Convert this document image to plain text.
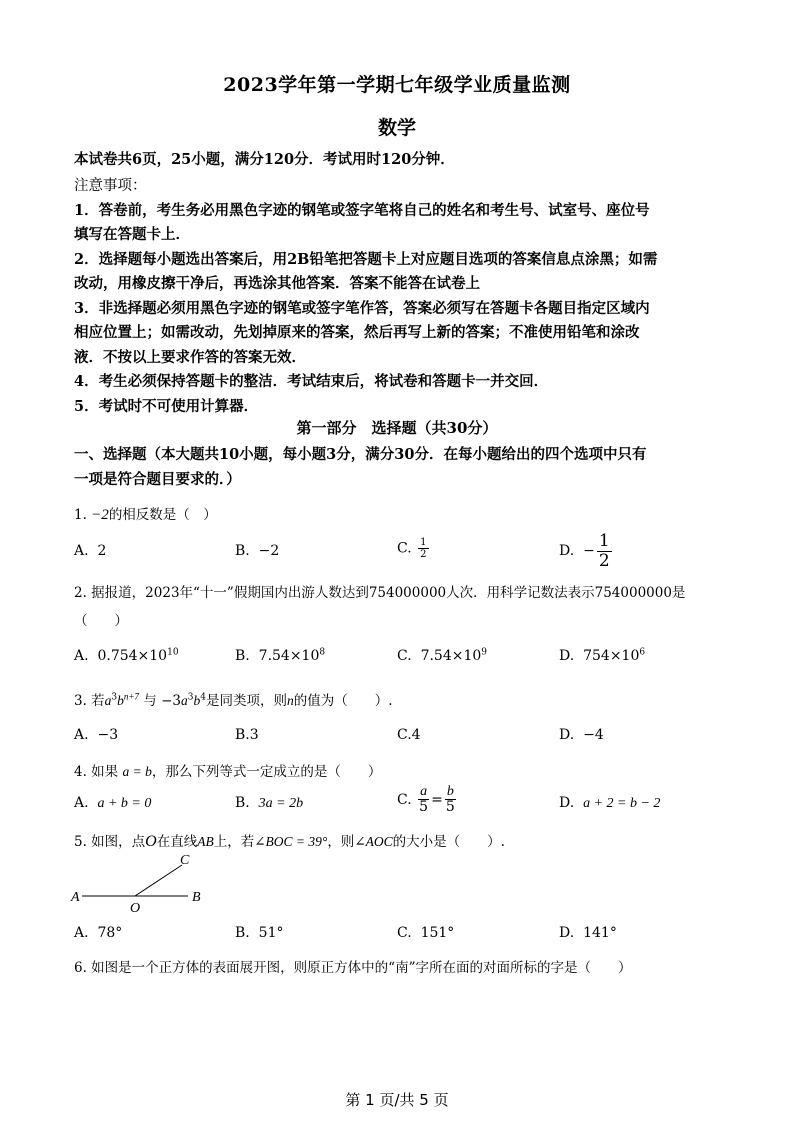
2023学年第一学期七年级学业质量监测
数学
本试卷共6页，25小题，满分120分．考试用时120分钟．
注意事项：
1．答卷前，考生务必用黑色字迹的钢笔或签字笔将自己的姓名和考生号、试室号、座位号
填写在答题卡上．
2．选择题每小题选出答案后，用2B铅笔把答题卡上对应题目选项的答案信息点涂黑；如需
改动，用橡皮擦干净后，再选涂其他答案．答案不能答在试卷上
3．非选择题必须用黑色字迹的钢笔或签字笔作答，答案必须写在答题卡各题目指定区域内
相应位置上；如需改动，先划掉原来的答案，然后再写上新的答案；不准使用铅笔和涂改
液．不按以上要求作答的答案无效．
4．考生必须保持答题卡的整洁．考试结束后，将试卷和答题卡一并交回．
5．考试时不可使用计算器．
第一部分　选择题（共30分）
一、选择题（本大题共10小题，每小题3分，满分30分．在每小题给出的四个选项中只有
一项是符合题目要求的．）
1. −2的相反数是（　）
A. 2	B. −2	C. $\frac{1}{2}$	D. − $\frac{1}{2}$
2. 据报道，2023年“十一”假期国内出游人数达到754000000人次．用科学记数法表示754000000是
（　　）
A. $0.754\times 10^{10}$	B. $7.54\times 10^8$	C. $7.54\times 10^9$	D. $754\times 10^6$
3. 若$a^3b^{n+7}$ 与 $-3a^3b^4$是同类项，则n的值为（　　）.
A. −3	B.3	C.4	D. −4
4. 如果 a = b，那么下列等式一定成立的是（　　）
A. a + b = 0	B. 3a = 2b	C. $\frac{a}{5} = \frac{b}{5}$	D. a + 2 = b − 2
5. 如图，点O在直线AB上，若∠BOC = 39°，则∠AOC的大小是（　　）.
A	B
C
O
A. 78°	B. 51°	C. 151°	D. 141°
6. 如图是一个正方体的表面展开图，则原正方体中的“南”字所在面的对面所标的字是（　　）
第 1 页/共 5 页
